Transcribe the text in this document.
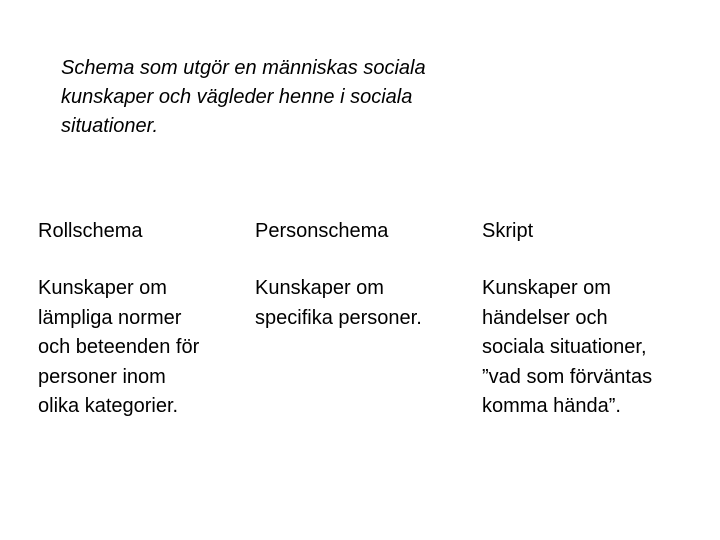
Schema som utgör en människas sociala
kunskaper och vägleder henne i sociala
situationer.

Rollschema

Kunskaper om
lämpliga normer
och beteenden för
personer inom
olika kategorier.

Personschema

Kunskaper om
specifika personer.

Skript

Kunskaper om
händelser och
sociala situationer,
”vad som förväntas
komma hända”.
